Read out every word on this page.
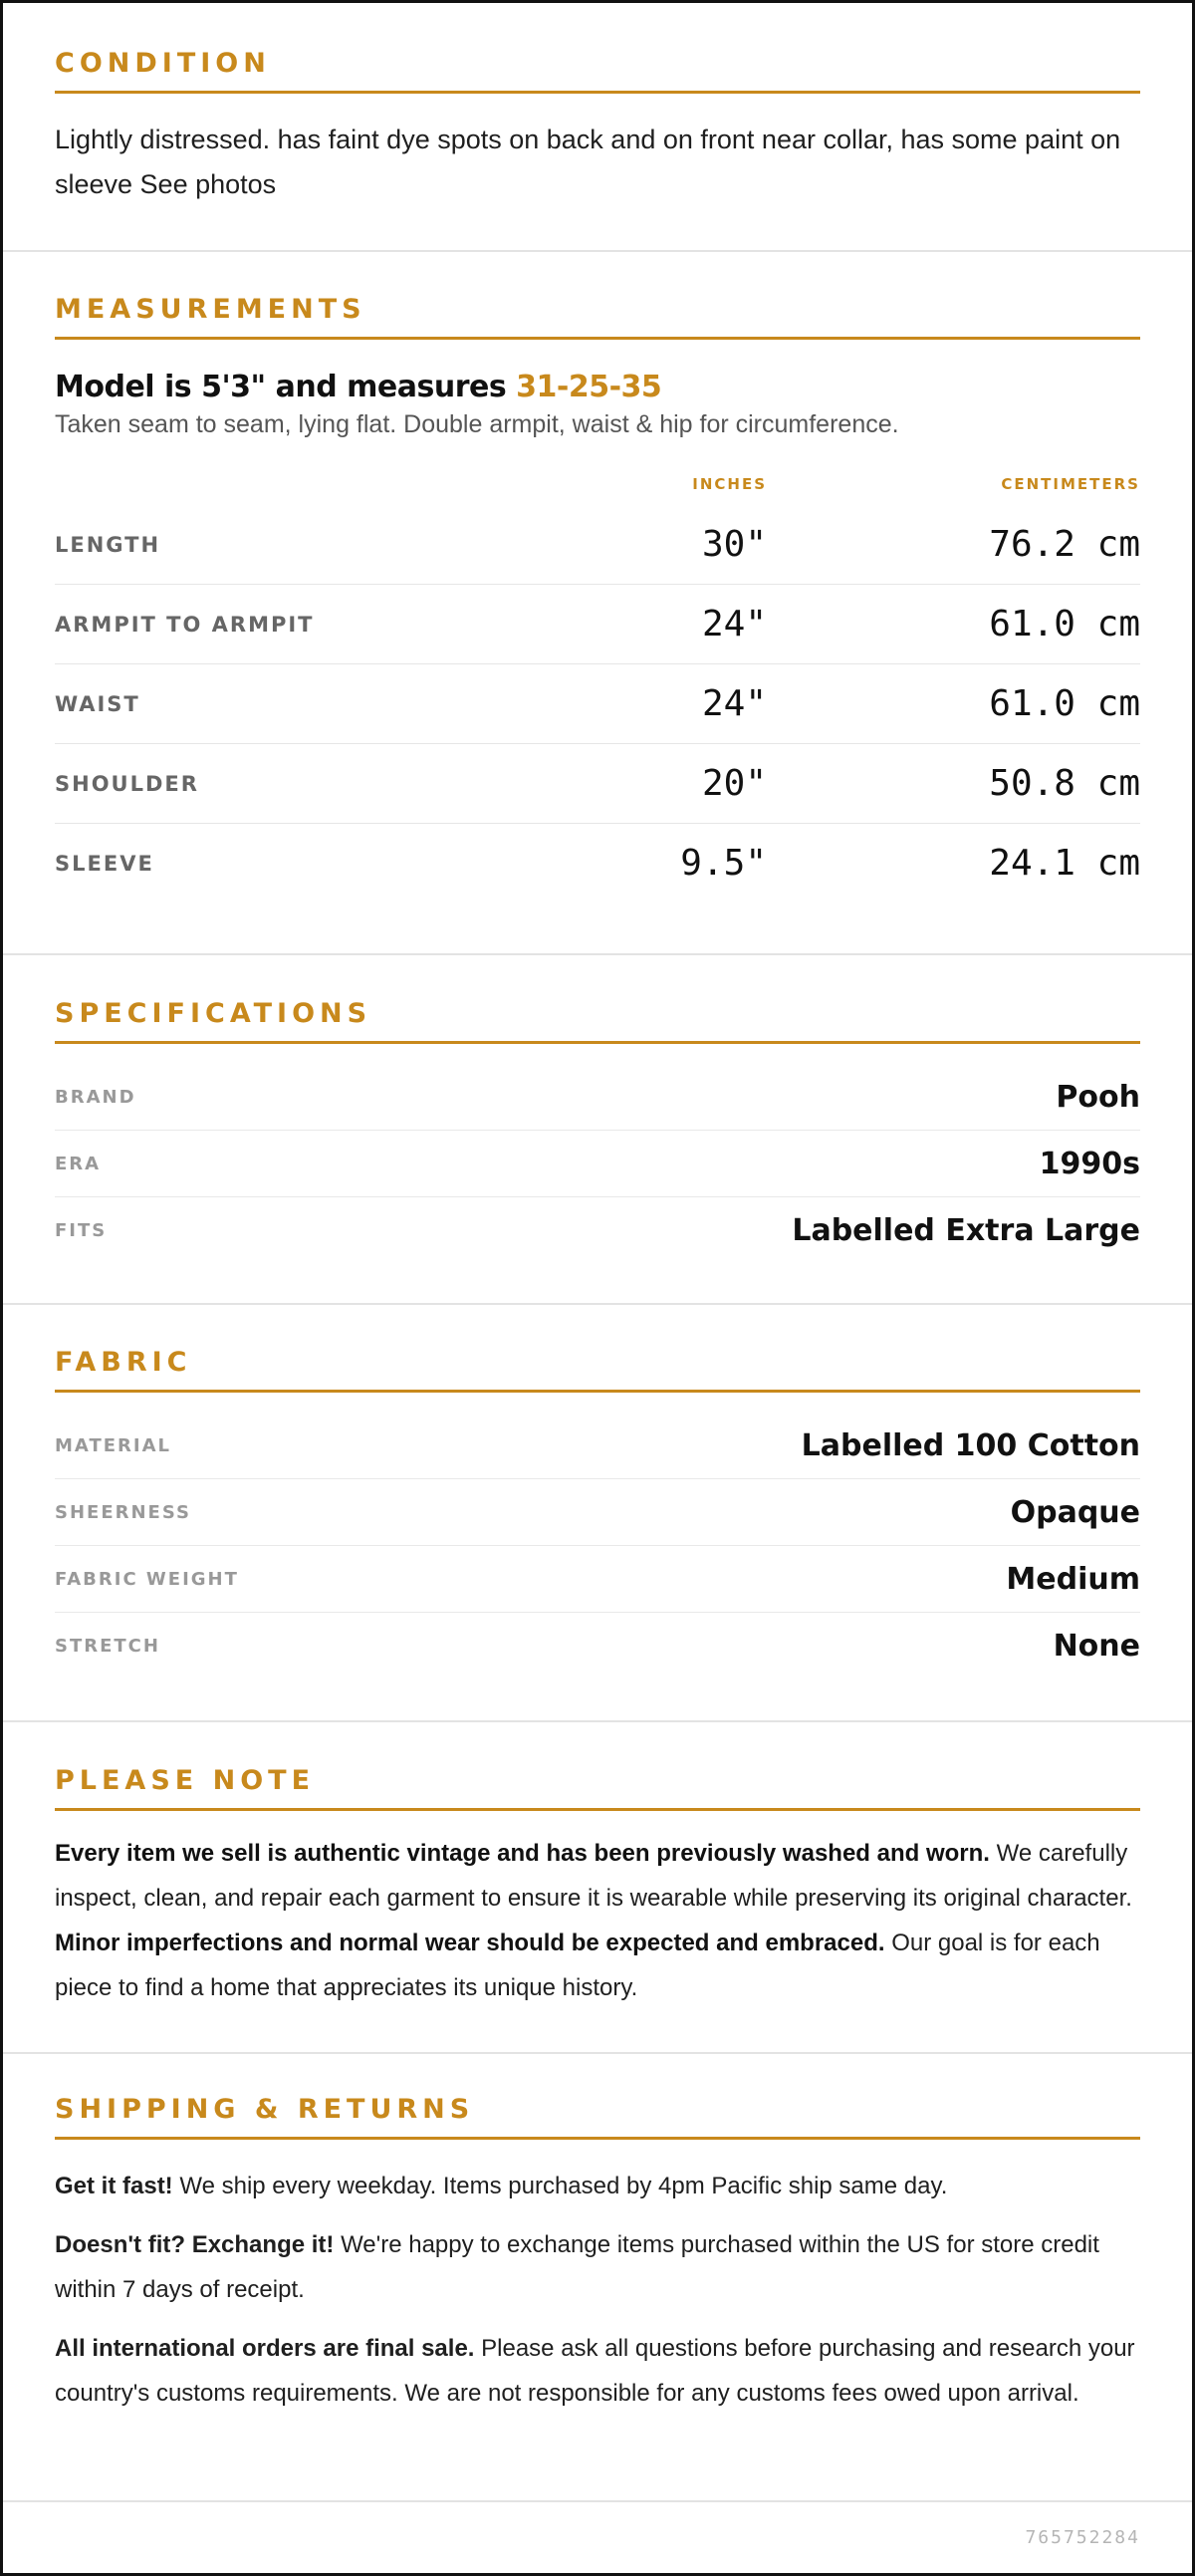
CONDITION
Lightly distressed. has faint dye spots on back and on front near collar, has some paint on sleeve See photos
MEASUREMENTS
Model is 5'3" and measures 31-25-35
Taken seam to seam, lying flat. Double armpit, waist & hip for circumference.
INCHES	CENTIMETERS
LENGTH	30"	76.2 cm
ARMPIT TO ARMPIT	24"	61.0 cm
WAIST	24"	61.0 cm
SHOULDER	20"	50.8 cm
SLEEVE	9.5"	24.1 cm
SPECIFICATIONS
BRAND	Pooh
ERA	1990s
FITS	Labelled Extra Large
FABRIC
MATERIAL	Labelled 100 Cotton
SHEERNESS	Opaque
FABRIC WEIGHT	Medium
STRETCH	None
PLEASE NOTE
Every item we sell is authentic vintage and has been previously washed and worn. We carefully inspect, clean, and repair each garment to ensure it is wearable while preserving its original character. Minor imperfections and normal wear should be expected and embraced. Our goal is for each piece to find a home that appreciates its unique history.
SHIPPING & RETURNS

Get it fast! We ship every weekday. Items purchased by 4pm Pacific ship same day.

Doesn't fit? Exchange it! We're happy to exchange items purchased within the US for store credit within 7 days of receipt.

All international orders are final sale. Please ask all questions before purchasing and research your country's customs requirements. We are not responsible for any customs fees owed upon arrival.

765752284
